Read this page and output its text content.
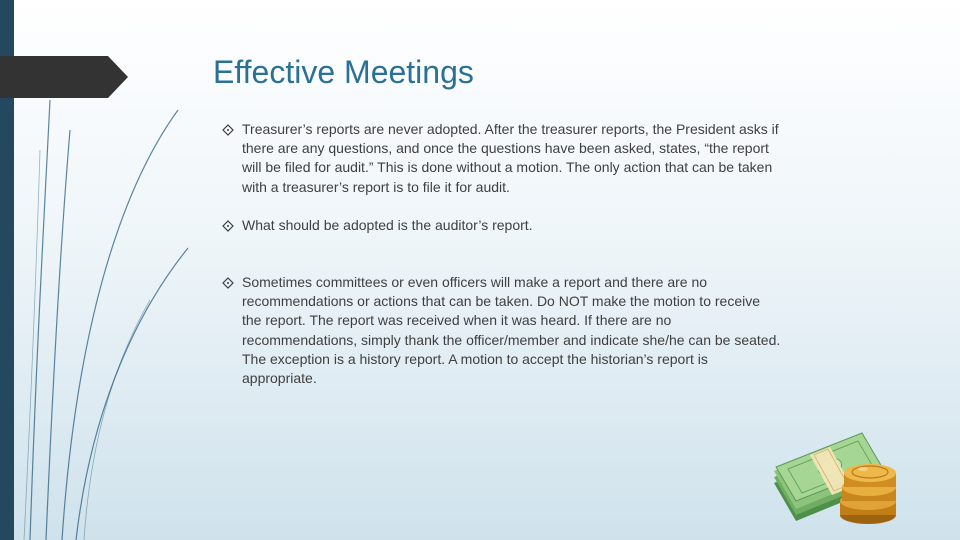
Effective Meetings
Treasurer’s reports are never adopted. After the treasurer reports, the President asks if there are any questions, and once the questions have been asked, states, “the report will be filed for audit.” This is done without a motion. The only action that can be taken with a treasurer’s report is to file it for audit.
What should be adopted is the auditor’s report.
Sometimes committees or even officers will make a report and there are no recommendations or actions that can be taken. Do NOT make the motion to receive the report. The report was received when it was heard. If there are no recommendations, simply thank the officer/member and indicate she/he can be seated. The exception is a history report. A motion to accept the historian’s report is appropriate.
